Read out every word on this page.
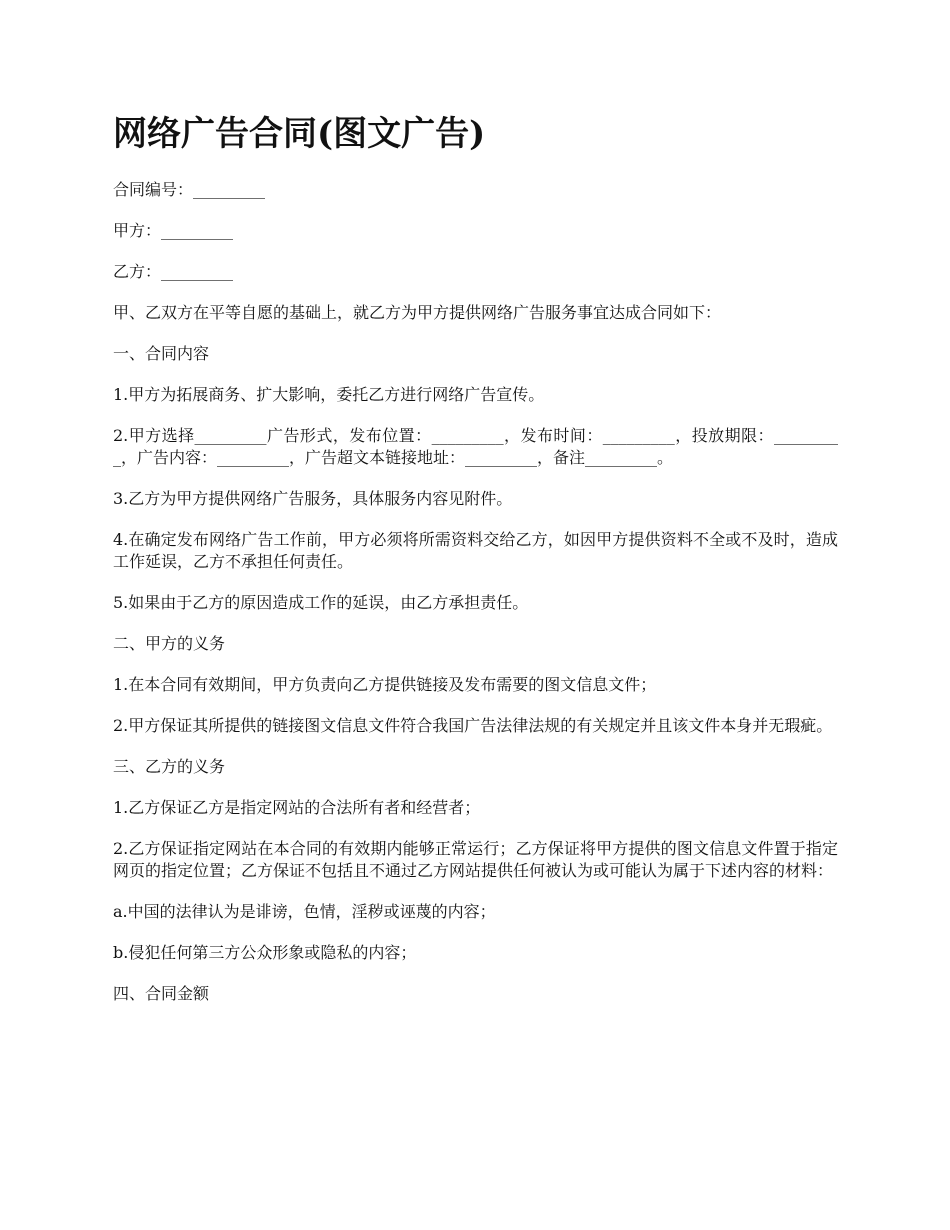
网络广告合同(图文广告)

合同编号：_________

甲方：_________

乙方：_________

甲、乙双方在平等自愿的基础上，就乙方为甲方提供网络广告服务事宜达成合同如下：

一、合同内容

1.甲方为拓展商务、扩大影响，委托乙方进行网络广告宣传。

2.甲方选择_________广告形式，发布位置：_________，发布时间：_________，投放期限：_________，广告内容：_________，广告超文本链接地址：_________，备注_________。

3.乙方为甲方提供网络广告服务，具体服务内容见附件。

4.在确定发布网络广告工作前，甲方必须将所需资料交给乙方，如因甲方提供资料不全或不及时，造成工作延误，乙方不承担任何责任。

5.如果由于乙方的原因造成工作的延误，由乙方承担责任。

二、甲方的义务

1.在本合同有效期间，甲方负责向乙方提供链接及发布需要的图文信息文件；

2.甲方保证其所提供的链接图文信息文件符合我国广告法律法规的有关规定并且该文件本身并无瑕疵。

三、乙方的义务

1.乙方保证乙方是指定网站的合法所有者和经营者；

2.乙方保证指定网站在本合同的有效期内能够正常运行；乙方保证将甲方提供的图文信息文件置于指定网页的指定位置；乙方保证不包括且不通过乙方网站提供任何被认为或可能认为属于下述内容的材料：

a.中国的法律认为是诽谤，色情，淫秽或诬蔑的内容；

b.侵犯任何第三方公众形象或隐私的内容；

四、合同金额
